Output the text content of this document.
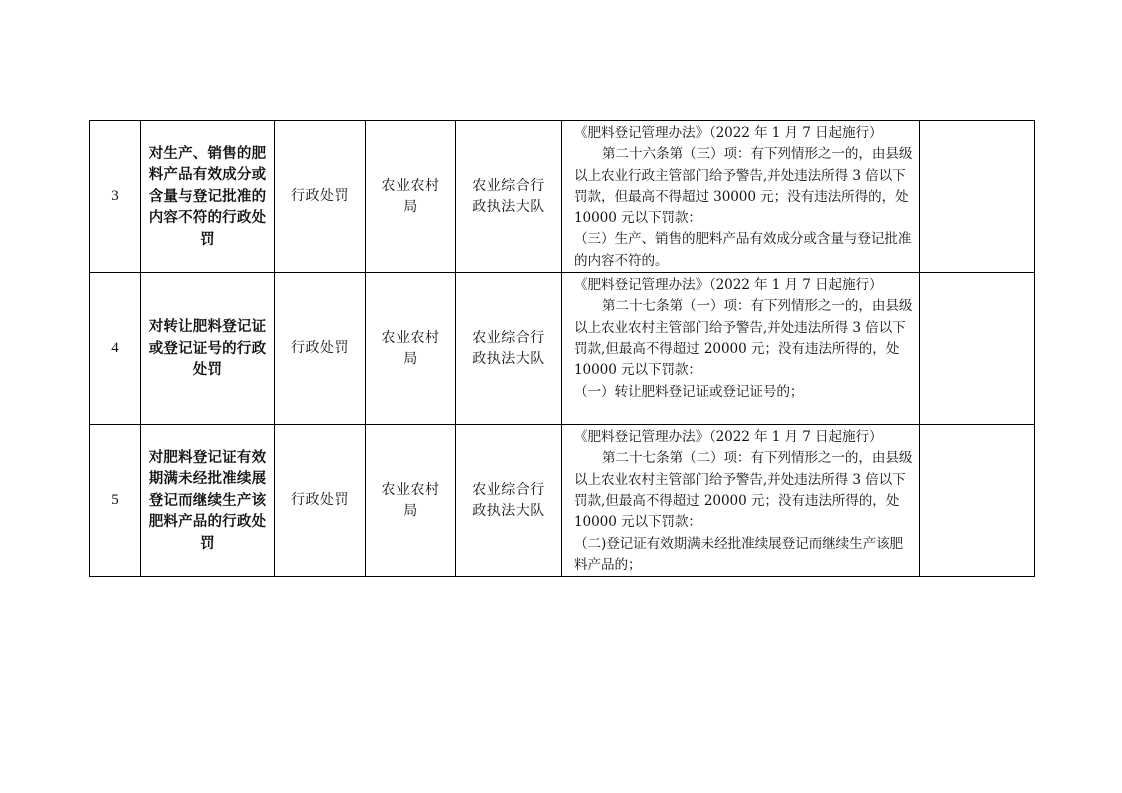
3	对生产、销售的肥料产品有效成分或含量与登记批准的内容不符的行政处罚	行政处罚	农业农村局	农业综合行政执法大队	《肥料登记管理办法》（2022 年 1 月 7 日起施行）

第二十六条第（三）项：有下列情形之一的，由县级以上农业行政主管部门给予警告,并处违法所得 3 倍以下罚款，但最高不得超过 30000 元；没有违法所得的，处 10000 元以下罚款：

（三）生产、销售的肥料产品有效成分或含量与登记批准的内容不符的。	

4	对转让肥料登记证或登记证号的行政处罚	行政处罚	农业农村局	农业综合行政执法大队	《肥料登记管理办法》（2022 年 1 月 7 日起施行）

第二十七条第（一）项：有下列情形之一的，由县级以上农业农村主管部门给予警告,并处违法所得 3 倍以下罚款,但最高不得超过 20000 元；没有违法所得的，处 10000 元以下罚款：

（一）转让肥料登记证或登记证号的；	

5	对肥料登记证有效期满未经批准续展登记而继续生产该肥料产品的行政处罚	行政处罚	农业农村局	农业综合行政执法大队	《肥料登记管理办法》（2022 年 1 月 7 日起施行）

第二十七条第（二）项：有下列情形之一的，由县级以上农业农村主管部门给予警告,并处违法所得 3 倍以下罚款,但最高不得超过 20000 元；没有违法所得的，处 10000 元以下罚款：

（二)登记证有效期满未经批准续展登记而继续生产该肥料产品的；	
